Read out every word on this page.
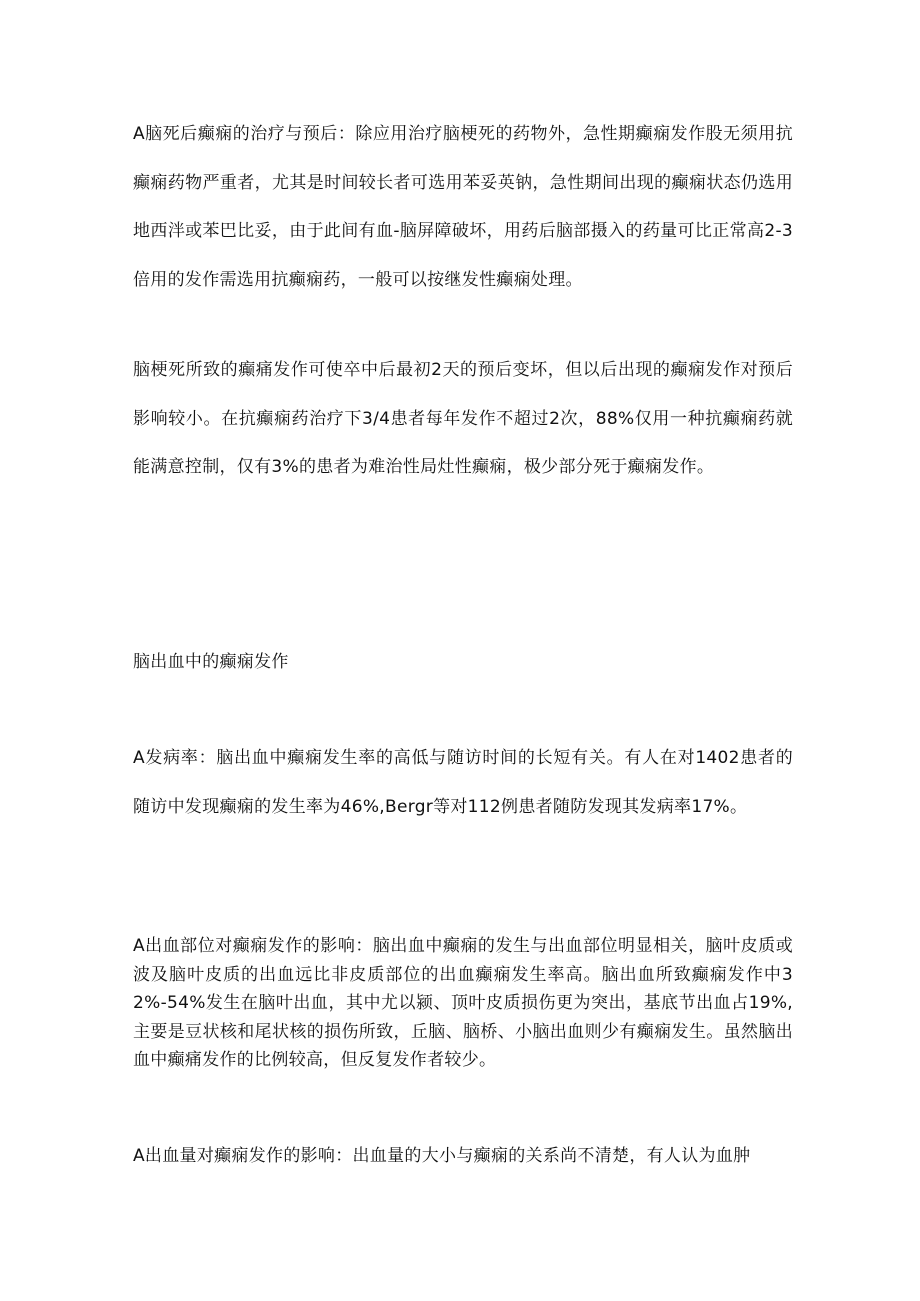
A脑死后癫痫的治疗与预后：除应用治疗脑梗死的药物外，急性期癫痫发作股无须用抗癫痫药物严重者，尤其是时间较长者可选用苯妥英钠，急性期间出现的癫痫状态仍选用地西泮或苯巴比妥，由于此间有血-脑屏障破坏，用药后脑部摄入的药量可比正常高2-3倍用的发作需选用抗癫痫药，一般可以按继发性癫痫处理。

脑梗死所致的癫痛发作可使卒中后最初2天的预后变坏，但以后出现的癫痫发作对预后影响较小。在抗癫痫药治疗下3/4患者每年发作不超过2次，88%仅用一种抗癫痫药就能满意控制，仅有3%的患者为难治性局灶性癫痫，极少部分死于癫痫发作。

脑出血中的癫痫发作

A发病率：脑出血中癫痫发生率的高低与随访时间的长短有关。有人在对1402患者的随访中发现癫痫的发生率为46%,Bergr等对112例患者随防发现其发病率17%。

A出血部位对癫痫发作的影响：脑出血中癫痫的发生与出血部位明显相关，脑叶皮质或波及脑叶皮质的出血远比非皮质部位的出血癫痫发生率高。脑出血所致癫痫发作中32%-54%发生在脑叶出血，其中尤以颍、顶叶皮质损伤更为突出，基底节出血占19%,主要是豆状核和尾状核的损伤所致，丘脑、脑桥、小脑出血则少有癫痫发生。虽然脑出血中癫痛发作的比例较高，但反复发作者较少。

A出血量对癫痫发作的影响：出血量的大小与癫痫的关系尚不清楚，有人认为血肿
